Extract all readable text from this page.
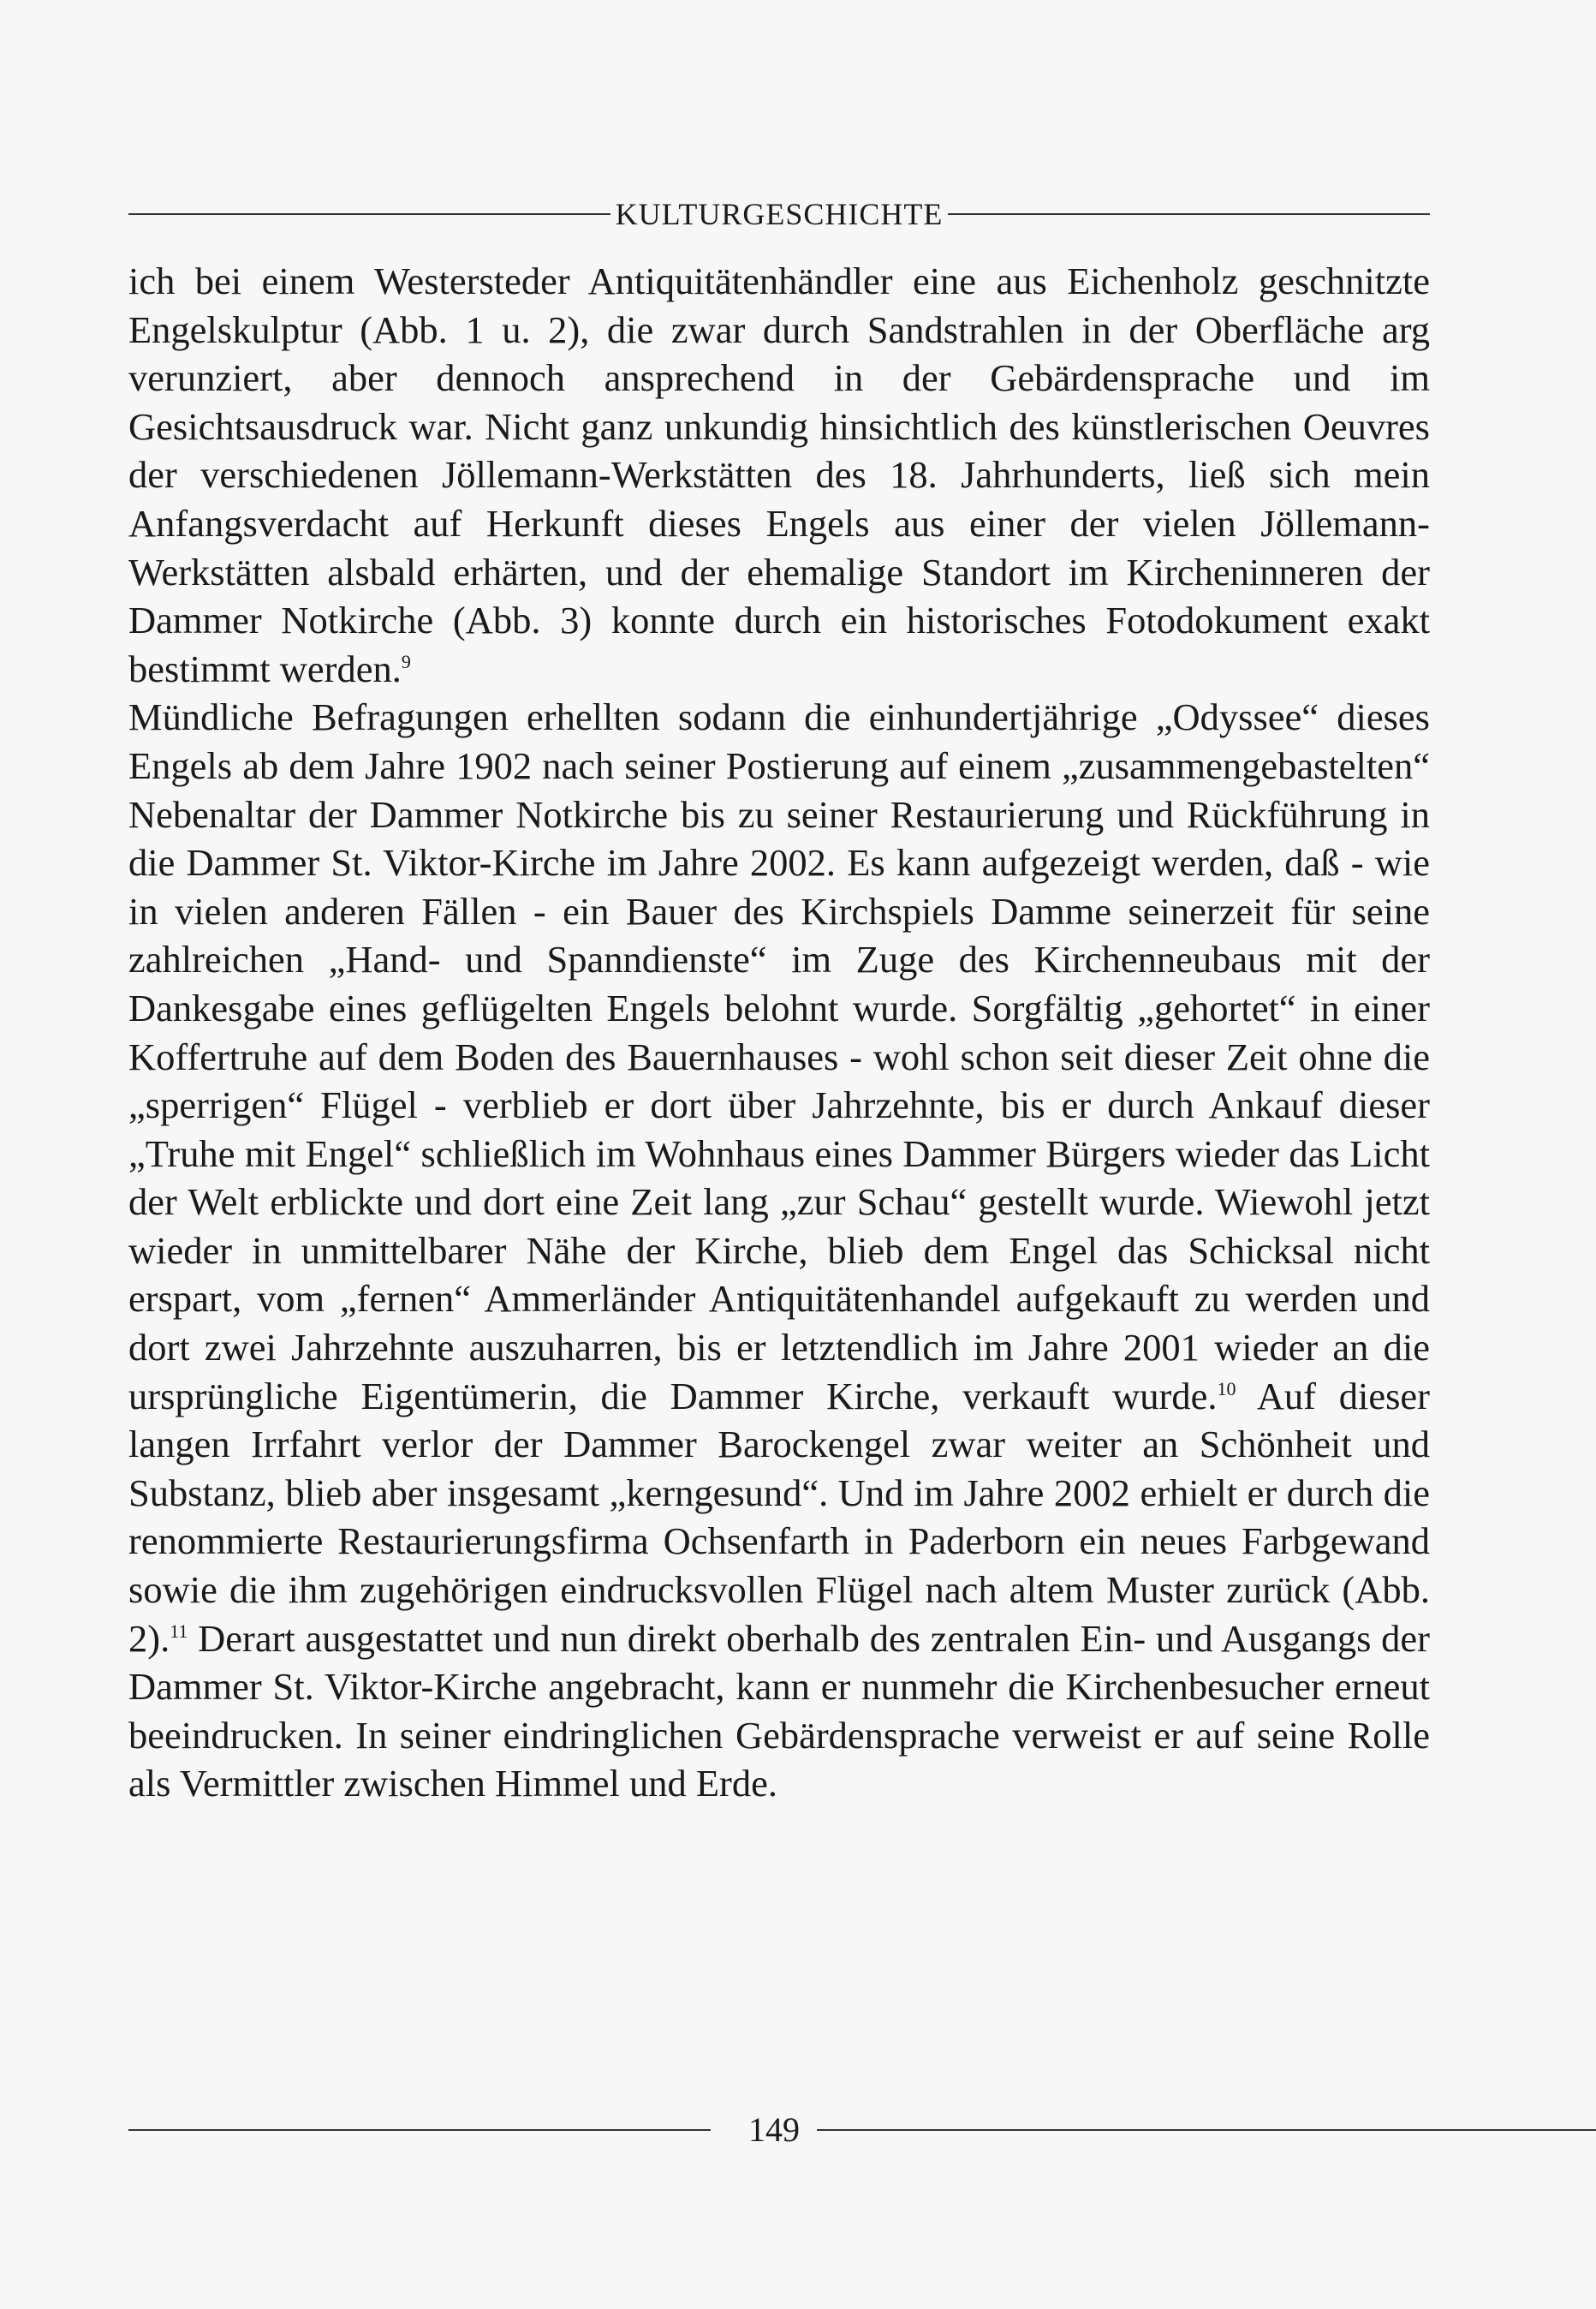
KULTURGESCHICHTE

ich bei einem Westersteder Antiquitätenhändler eine aus Eichenholz geschnitzte Engelskulptur (Abb. 1 u. 2), die zwar durch Sandstrahlen in der Oberfläche arg verunziert, aber dennoch ansprechend in der Gebärdensprache und im Gesichtsausdruck war. Nicht ganz unkundig hinsichtlich des künstlerischen Oeuvres der verschiedenen Jöllemann-Werkstätten des 18. Jahrhunderts, ließ sich mein Anfangsverdacht auf Herkunft dieses Engels aus einer der vielen Jöllemann-Werkstätten alsbald erhärten, und der ehemalige Standort im Kircheninneren der Dammer Notkirche (Abb. 3) konnte durch ein historisches Fotodokument exakt bestimmt werden.$^9$

Mündliche Befragungen erhellten sodann die einhundertjährige „Odyssee“ dieses Engels ab dem Jahre 1902 nach seiner Postierung auf einem „zusammengebastelten“ Nebenaltar der Dammer Notkirche bis zu seiner Restaurierung und Rückführung in die Dammer St. Viktor-Kirche im Jahre 2002. Es kann aufgezeigt werden, daß - wie in vielen anderen Fällen - ein Bauer des Kirchspiels Damme seinerzeit für seine zahlreichen „Hand- und Spanndienste“ im Zuge des Kirchenneubaus mit der Dankesgabe eines geflügelten Engels belohnt wurde. Sorgfältig „gehortet“ in einer Koffertruhe auf dem Boden des Bauernhauses - wohl schon seit dieser Zeit ohne die „sperrigen“ Flügel - verblieb er dort über Jahrzehnte, bis er durch Ankauf dieser „Truhe mit Engel“ schließlich im Wohnhaus eines Dammer Bürgers wieder das Licht der Welt erblickte und dort eine Zeit lang „zur Schau“ gestellt wurde. Wiewohl jetzt wieder in unmittelbarer Nähe der Kirche, blieb dem Engel das Schicksal nicht erspart, vom „fernen“ Ammerländer Antiquitätenhandel aufgekauft zu werden und dort zwei Jahrzehnte auszuharren, bis er letztendlich im Jahre 2001 wieder an die ursprüngliche Eigentümerin, die Dammer Kirche, verkauft wurde.$^{10}$ Auf dieser langen Irrfahrt verlor der Dammer Barockengel zwar weiter an Schönheit und Substanz, blieb aber insgesamt „kerngesund“. Und im Jahre 2002 erhielt er durch die renommierte Restaurierungsfirma Ochsenfarth in Paderborn ein neues Farbgewand sowie die ihm zugehörigen eindrucksvollen Flügel nach altem Muster zurück (Abb. 2).$^{11}$ Derart ausgestattet und nun direkt oberhalb des zentralen Ein- und Ausgangs der Dammer St. Viktor-Kirche angebracht, kann er nunmehr die Kirchenbesucher erneut beeindrucken. In seiner eindringlichen Gebärdensprache verweist er auf seine Rolle als Vermittler zwischen Himmel und Erde.

149
